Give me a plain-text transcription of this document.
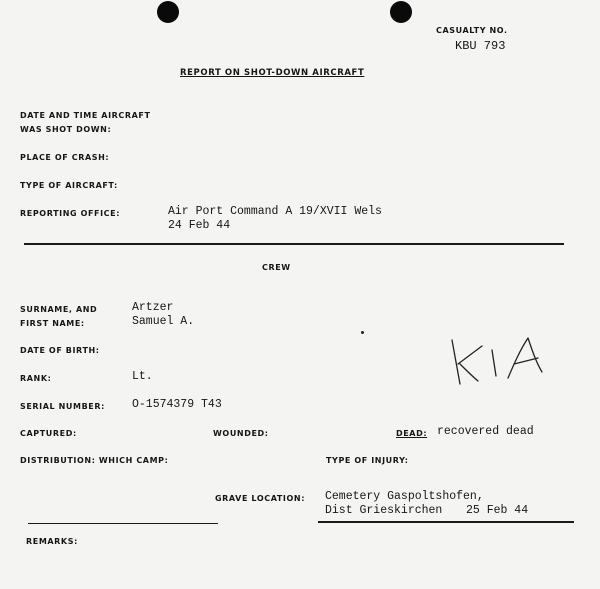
CASUALTY NO.
KBU 793
REPORT ON SHOT-DOWN AIRCRAFT
DATE AND TIME AIRCRAFT
WAS SHOT DOWN:
PLACE OF CRASH:
TYPE OF AIRCRAFT:
REPORTING OFFICE:	Air Port Command A 19/XVII Wels
24 Feb 44
CREW
SURNAME, AND
FIRST NAME:
Artzer
Samuel A.
DATE OF BIRTH:
RANK:	Lt.
SERIAL NUMBER: O-1574379 T43
CAPTURED:	WOUNDED:	DEAD: recovered dead
DISTRIBUTION: WHICH CAMP:	TYPE OF INJURY:
GRAVE LOCATION: Cemetery Gaspoltshofen,
Dist Grieskirchen 25 Feb 44
REMARKS:
